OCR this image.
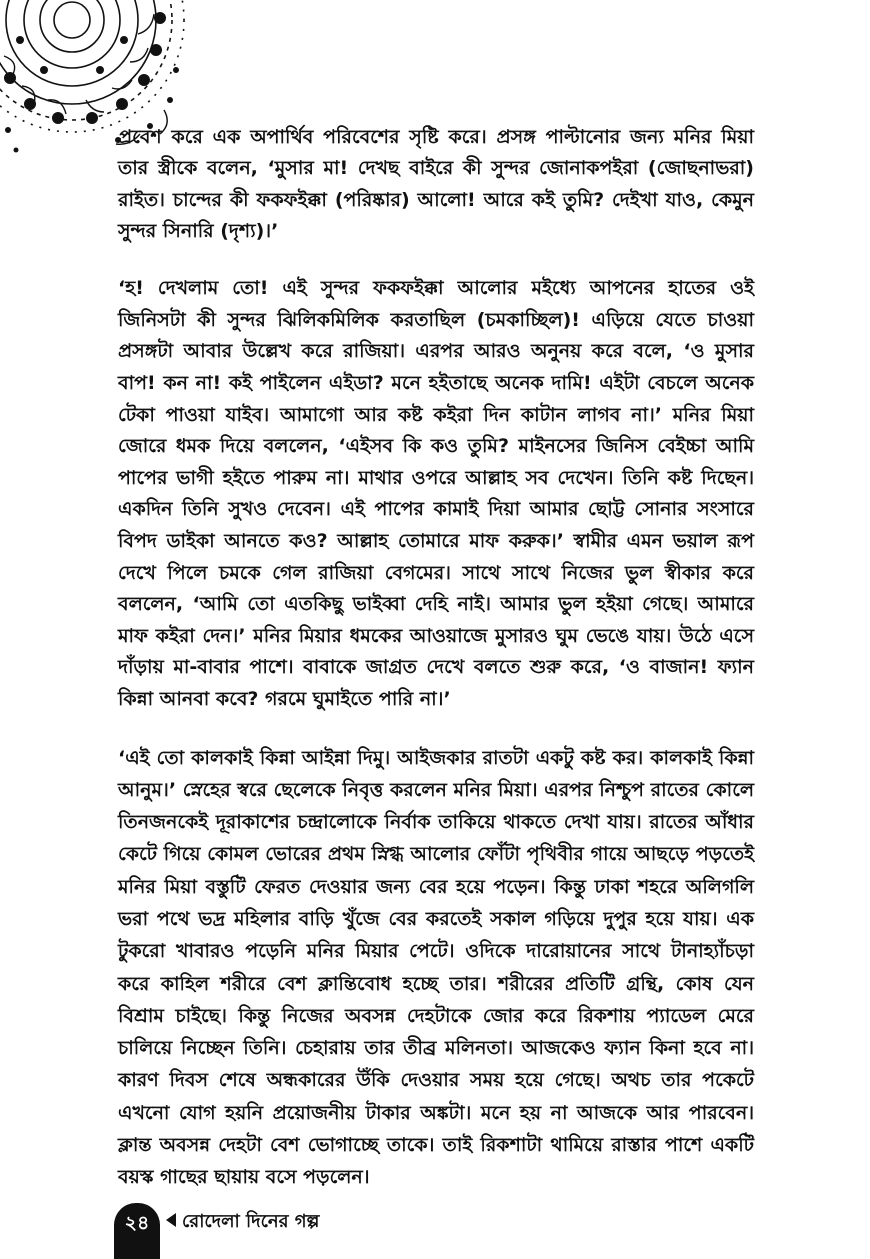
প্রবেশ করে এক অপার্থিব পরিবেশের সৃষ্টি করে। প্রসঙ্গ পাল্টানোর জন্য মনির মিয়া তার স্ত্রীকে বলেন, ‘মুসার মা! দেখছ বাইরে কী সুন্দর জোনাকপইরা (জোছনাভরা) রাইত। চান্দের কী ফকফইক্কা (পরিষ্কার) আলো! আরে কই তুমি? দেইখা যাও, কেমুন সুন্দর সিনারি (দৃশ্য)।’

‘হ! দেখলাম তো! এই সুন্দর ফকফইক্কা আলোর মইধ্যে আপনের হাতের ওই জিনিসটা কী সুন্দর ঝিলিকমিলিক করতাছিল (চমকাচ্ছিল)! এড়িয়ে যেতে চাওয়া প্রসঙ্গটা আবার উল্লেখ করে রাজিয়া। এরপর আরও অনুনয় করে বলে, ‘ও মুসার বাপ! কন না! কই পাইলেন এইডা? মনে হইতাছে অনেক দামি! এইটা বেচলে অনেক টেকা পাওয়া যাইব। আমাগো আর কষ্ট কইরা দিন কাটান লাগব না।’ মনির মিয়া জোরে ধমক দিয়ে বললেন, ‘এইসব কি কও তুমি? মাইনসের জিনিস বেইচ্চা আমি পাপের ভাগী হইতে পারুম না। মাথার ওপরে আল্লাহ সব দেখেন। তিনি কষ্ট দিছেন। একদিন তিনি সুখও দেবেন। এই পাপের কামাই দিয়া আমার ছোট্ট সোনার সংসারে বিপদ ডাইকা আনতে কও? আল্লাহ তোমারে মাফ করুক।’ স্বামীর এমন ভয়াল রূপ দেখে পিলে চমকে গেল রাজিয়া বেগমের। সাথে সাথে নিজের ভুল স্বীকার করে বললেন, ‘আমি তো এতকিছু ভাইব্বা দেহি নাই। আমার ভুল হইয়া গেছে। আমারে মাফ কইরা দেন।’ মনির মিয়ার ধমকের আওয়াজে মুসারও ঘুম ভেঙে যায়। উঠে এসে দাঁড়ায় মা-বাবার পাশে। বাবাকে জাগ্রত দেখে বলতে শুরু করে, ‘ও বাজান! ফ্যান কিন্না আনবা কবে? গরমে ঘুমাইতে পারি না।’

‘এই তো কালকাই কিন্না আইন্না দিমু। আইজকার রাতটা একটু কষ্ট কর। কালকাই কিন্না আনুম।’ স্নেহের স্বরে ছেলেকে নিবৃত্ত করলেন মনির মিয়া। এরপর নিশ্চুপ রাতের কোলে তিনজনকেই দূরাকাশের চন্দ্রালোকে নির্বাক তাকিয়ে থাকতে দেখা যায়। রাতের আঁধার কেটে গিয়ে কোমল ভোরের প্রথম স্নিগ্ধ আলোর ফোঁটা পৃথিবীর গায়ে আছড়ে পড়তেই মনির মিয়া বস্তুটি ফেরত দেওয়ার জন্য বের হয়ে পড়েন। কিন্তু ঢাকা শহরে অলিগলি ভরা পথে ভদ্র মহিলার বাড়ি খুঁজে বের করতেই সকাল গড়িয়ে দুপুর হয়ে যায়। এক টুকরো খাবারও পড়েনি মনির মিয়ার পেটে। ওদিকে দারোয়ানের সাথে টানাহ্যাঁচড়া করে কাহিল শরীরে বেশ ক্লান্তিবোধ হচ্ছে তার। শরীরের প্রতিটি গ্রন্থি, কোষ যেন বিশ্রাম চাইছে। কিন্তু নিজের অবসন্ন দেহটাকে জোর করে রিকশায় প্যাডেল মেরে চালিয়ে নিচ্ছেন তিনি। চেহারায় তার তীব্র মলিনতা। আজকেও ফ্যান কিনা হবে না। কারণ দিবস শেষে অন্ধকারের উঁকি দেওয়ার সময় হয়ে গেছে। অথচ তার পকেটে এখনো যোগ হয়নি প্রয়োজনীয় টাকার অঙ্কটা। মনে হয় না আজকে আর পারবেন। ক্লান্ত অবসন্ন দেহটা বেশ ভোগাচ্ছে তাকে। তাই রিকশাটা থামিয়ে রাস্তার পাশে একটি বয়স্ক গাছের ছায়ায় বসে পড়লেন।

২৪	রোদেলা দিনের গল্প
